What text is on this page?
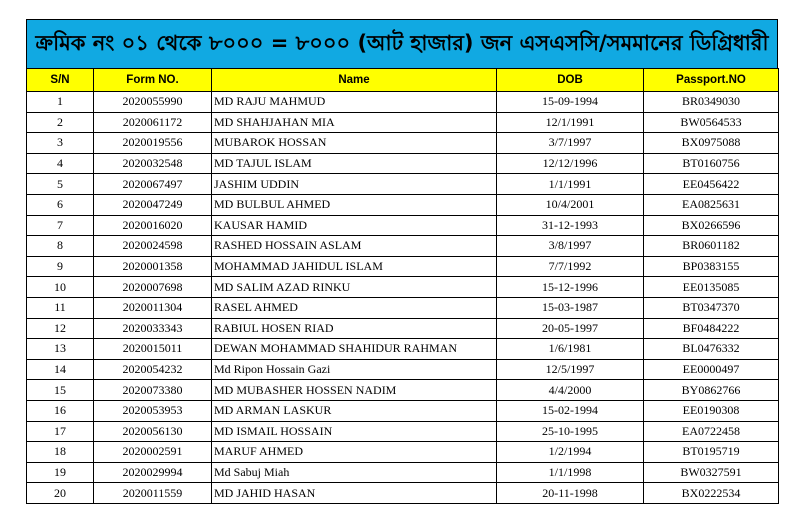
ক্রমিক নং ০১ থেকে ৮০০০ = ৮০০০ (আট হাজার) জন এসএসসি/সমমানের ডিগ্রিধারী
S/N	Form NO.	Name	DOB	Passport.NO
1	2020055990	MD RAJU MAHMUD	15-09-1994	BR0349030
2	2020061172	MD SHAHJAHAN MIA	12/1/1991	BW0564533
3	2020019556	MUBAROK HOSSAN	3/7/1997	BX0975088
4	2020032548	MD TAJUL ISLAM	12/12/1996	BT0160756
5	2020067497	JASHIM UDDIN	1/1/1991	EE0456422
6	2020047249	MD BULBUL AHMED	10/4/2001	EA0825631
7	2020016020	KAUSAR HAMID	31-12-1993	BX0266596
8	2020024598	RASHED HOSSAIN ASLAM	3/8/1997	BR0601182
9	2020001358	MOHAMMAD JAHIDUL ISLAM	7/7/1992	BP0383155
10	2020007698	MD SALIM AZAD RINKU	15-12-1996	EE0135085
11	2020011304	RASEL AHMED	15-03-1987	BT0347370
12	2020033343	RABIUL HOSEN RIAD	20-05-1997	BF0484222
13	2020015011	DEWAN MOHAMMAD SHAHIDUR RAHMAN	1/6/1981	BL0476332
14	2020054232	Md Ripon Hossain Gazi	12/5/1997	EE0000497
15	2020073380	MD MUBASHER HOSSEN NADIM	4/4/2000	BY0862766
16	2020053953	MD ARMAN LASKUR	15-02-1994	EE0190308
17	2020056130	MD ISMAIL HOSSAIN	25-10-1995	EA0722458
18	2020002591	MARUF AHMED	1/2/1994	BT0195719
19	2020029994	Md Sabuj Miah	1/1/1998	BW0327591
20	2020011559	MD JAHID HASAN	20-11-1998	BX0222534
